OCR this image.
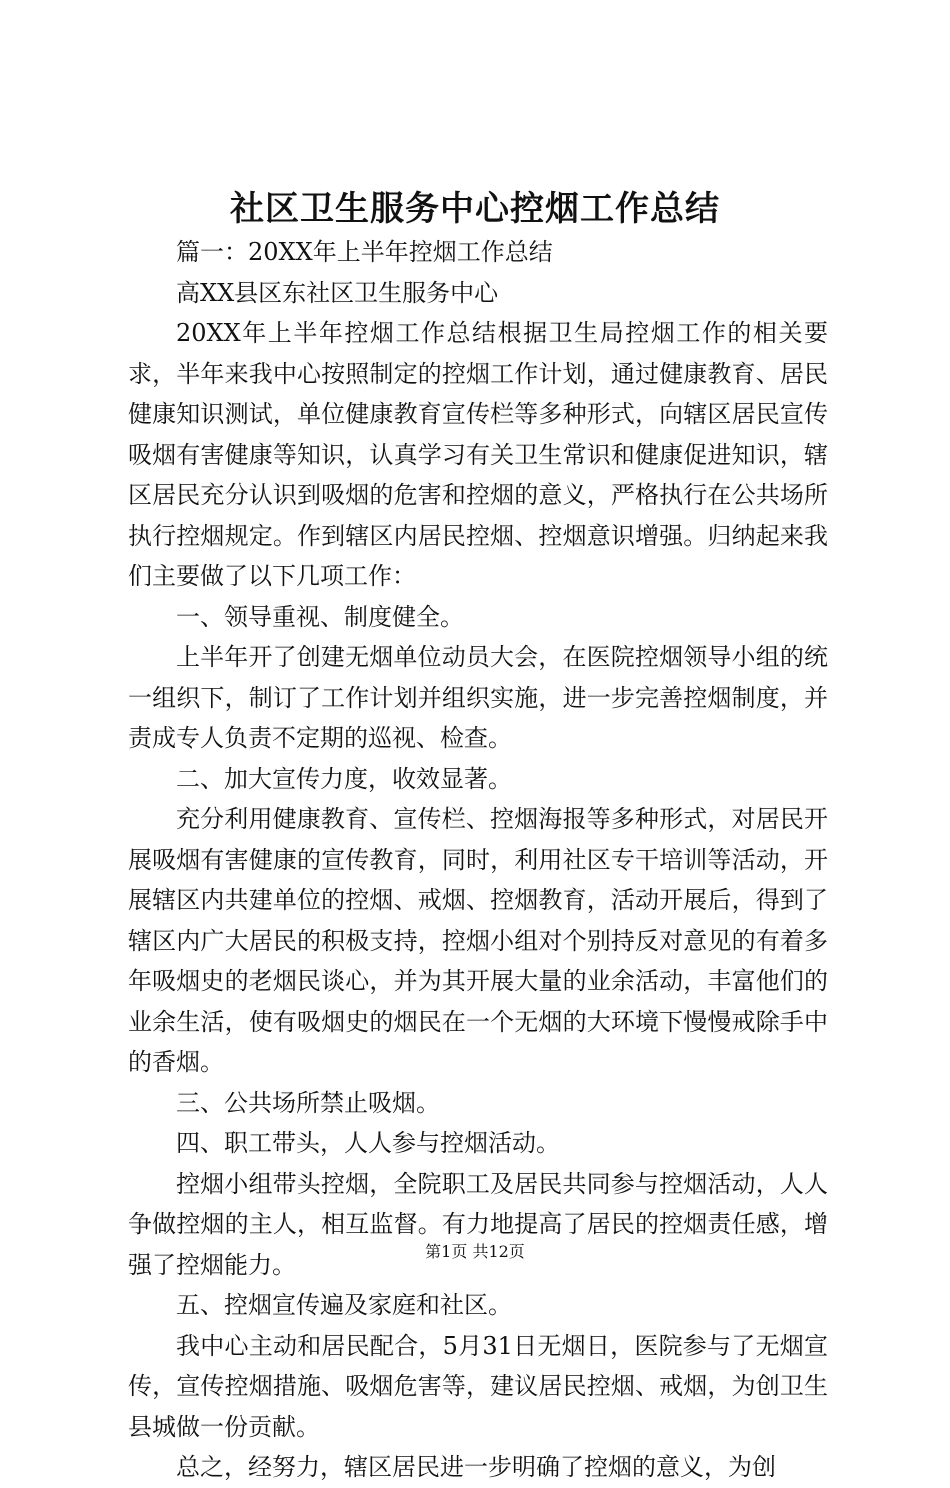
社区卫生服务中心控烟工作总结

篇一：20XX年上半年控烟工作总结

高XX县区东社区卫生服务中心

20XX年上半年控烟工作总结根据卫生局控烟工作的相关要求，半年来我中心按照制定的控烟工作计划，通过健康教育、居民健康知识测试，单位健康教育宣传栏等多种形式，向辖区居民宣传吸烟有害健康等知识，认真学习有关卫生常识和健康促进知识，辖区居民充分认识到吸烟的危害和控烟的意义，严格执行在公共场所执行控烟规定。作到辖区内居民控烟、控烟意识增强。归纳起来我们主要做了以下几项工作：

一、领导重视、制度健全。

上半年开了创建无烟单位动员大会，在医院控烟领导小组的统一组织下，制订了工作计划并组织实施，进一步完善控烟制度，并责成专人负责不定期的巡视、检查。

二、加大宣传力度，收效显著。

充分利用健康教育、宣传栏、控烟海报等多种形式，对居民开展吸烟有害健康的宣传教育，同时，利用社区专干培训等活动，开展辖区内共建单位的控烟、戒烟、控烟教育，活动开展后，得到了辖区内广大居民的积极支持，控烟小组对个别持反对意见的有着多年吸烟史的老烟民谈心，并为其开展大量的业余活动，丰富他们的业余生活，使有吸烟史的烟民在一个无烟的大环境下慢慢戒除手中的香烟。

三、公共场所禁止吸烟。

四、职工带头，人人参与控烟活动。

控烟小组带头控烟，全院职工及居民共同参与控烟活动，人人争做控烟的主人，相互监督。有力地提高了居民的控烟责任感，增强了控烟能力。

五、控烟宣传遍及家庭和社区。

我中心主动和居民配合，5月31日无烟日，医院参与了无烟宣传，宣传控烟措施、吸烟危害等，建议居民控烟、戒烟，为创卫生县城做一份贡献。

总之，经努力，辖区居民进一步明确了控烟的意义，为创

第1页 共12页
